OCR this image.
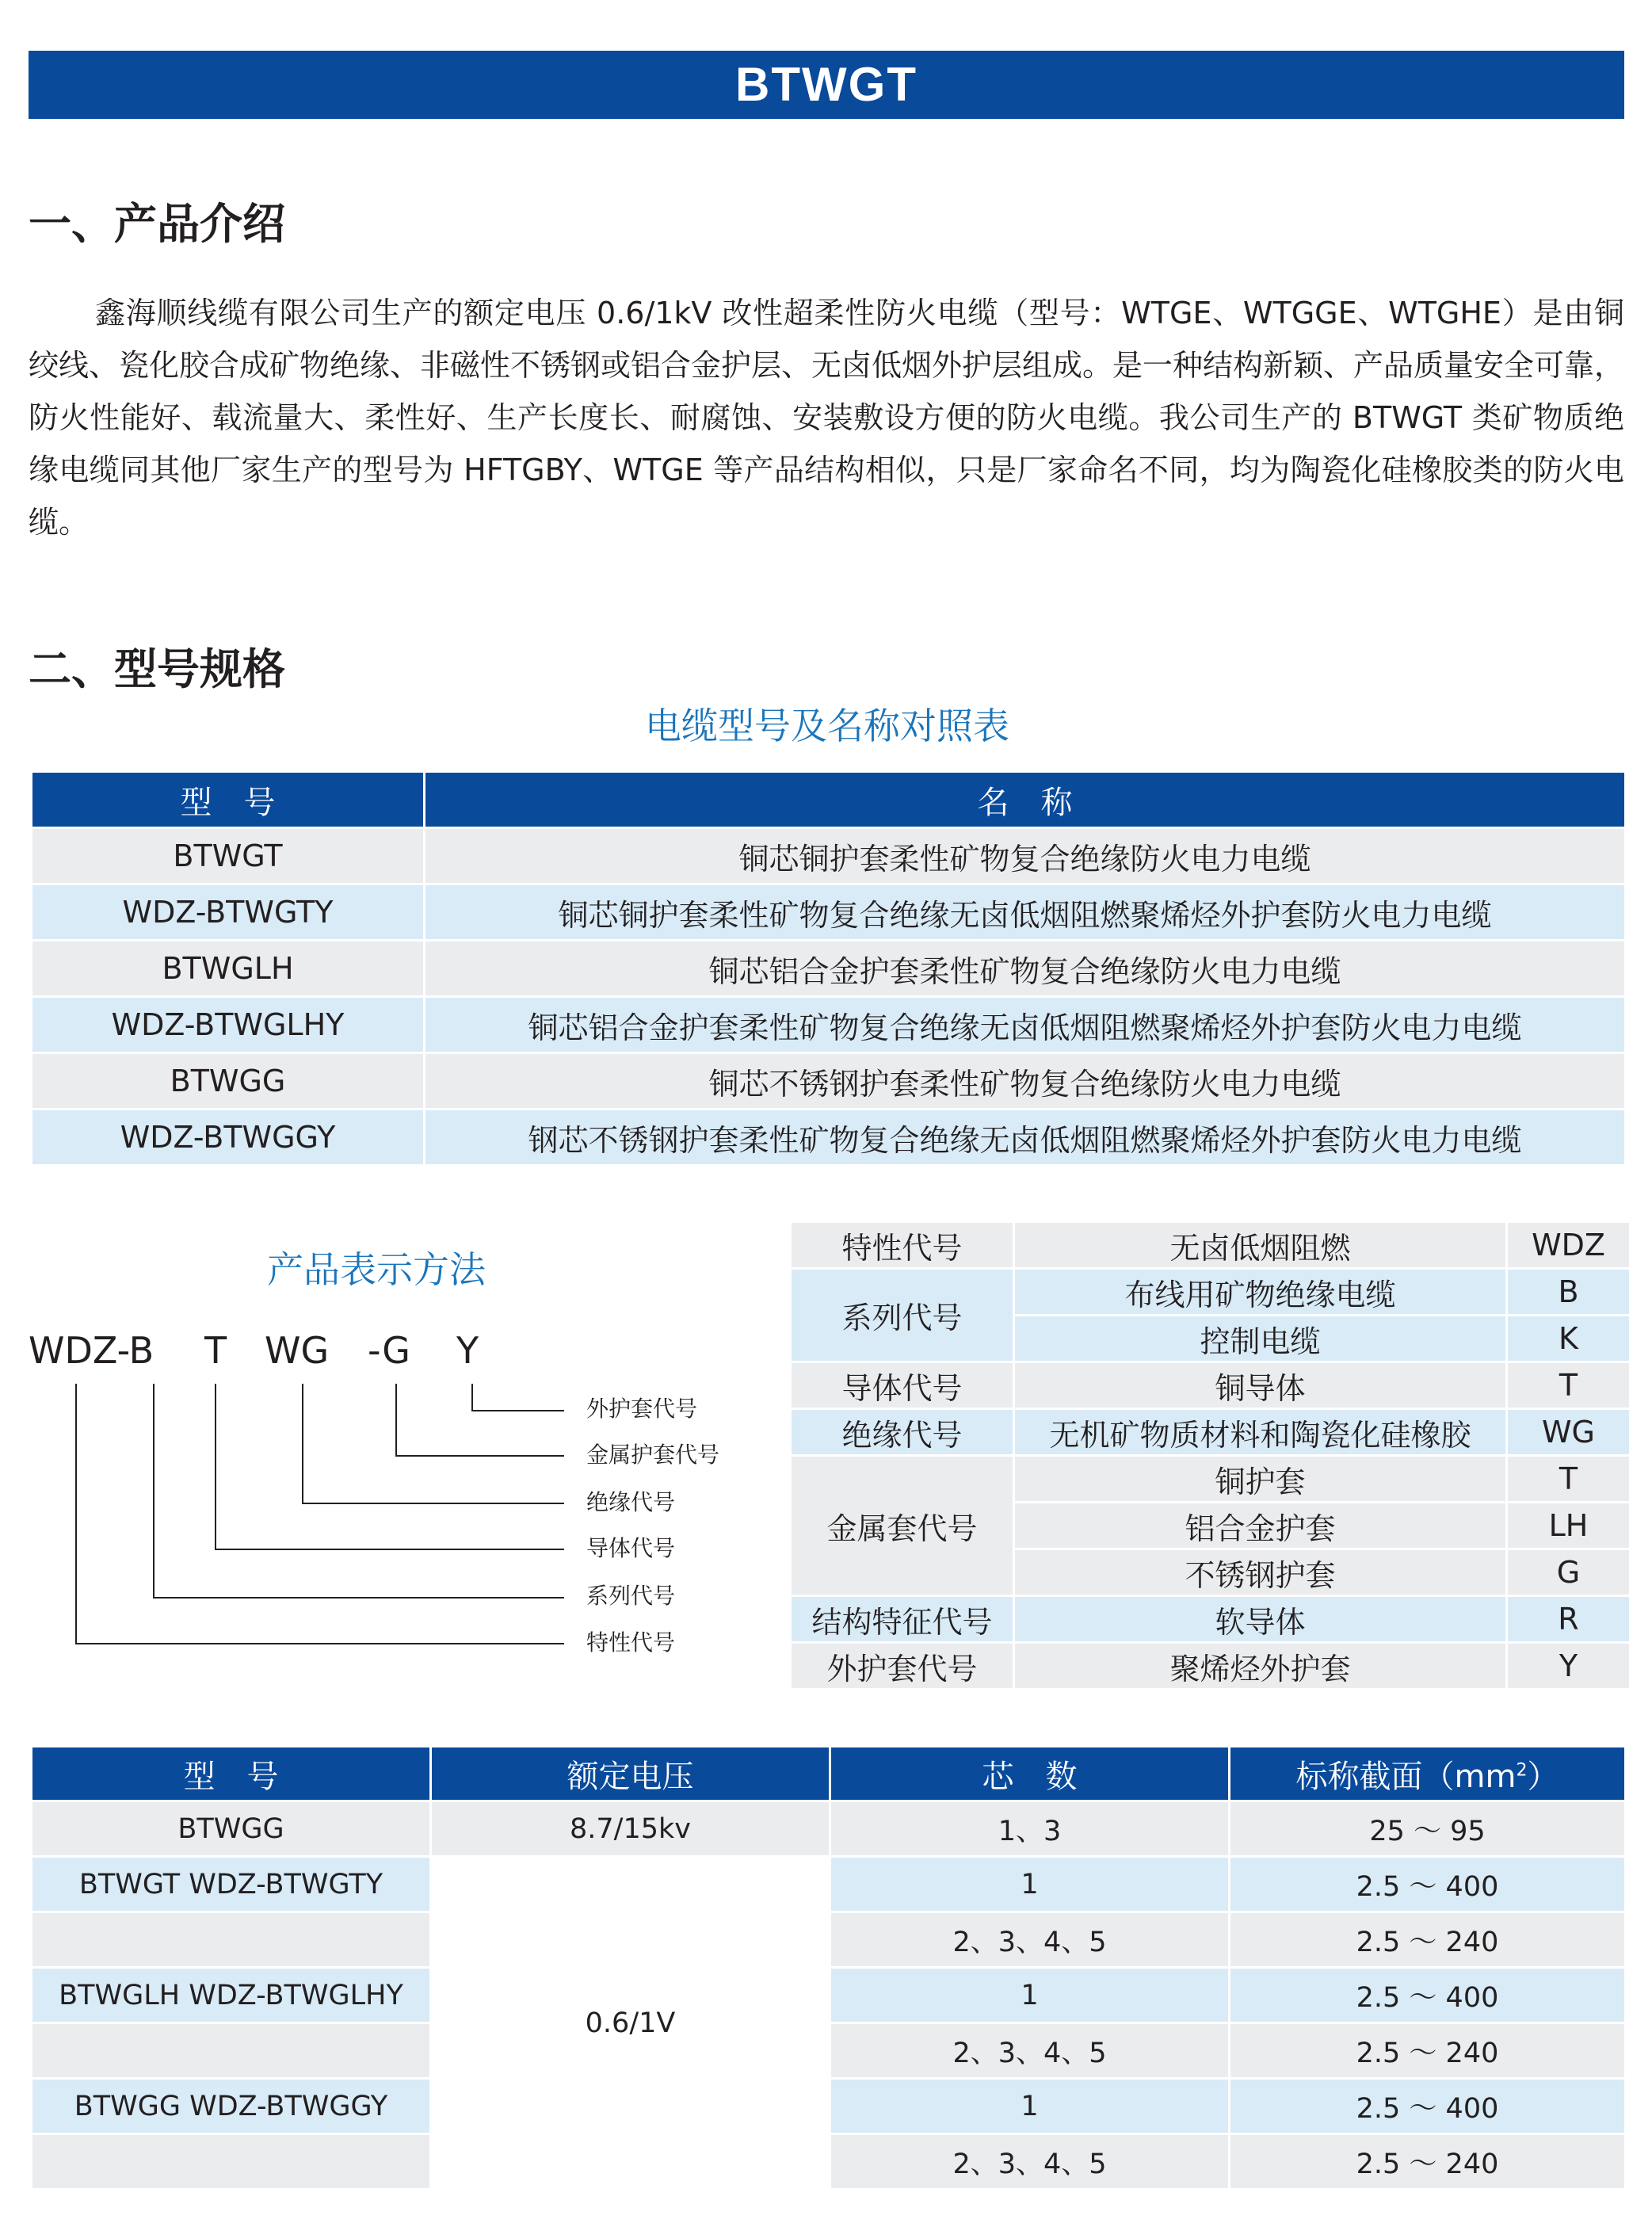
BTWGT
一、产品介绍

鑫海顺线缆有限公司生产的额定电压 0.6/1kV 改性超柔性防火电缆（型号：WTGE、WTGGE、WTGHE）是由铜绞线、瓷化胶合成矿物绝缘、非磁性不锈钢或铝合金护层、无卤低烟外护层组成。是一种结构新颖、产品质量安全可靠，防火性能好、载流量大、柔性好、生产长度长、耐腐蚀、安装敷设方便的防火电缆。我公司生产的 BTWGT 类矿物质绝缘电缆同其他厂家生产的型号为 HFTGBY、WTGE 等产品结构相似，只是厂家命名不同，均为陶瓷化硅橡胶类的防火电缆。

二、型号规格
电缆型号及名称对照表
型　号	名　称
BTWGT	铜芯铜护套柔性矿物复合绝缘防火电力电缆
WDZ-BTWGTY	铜芯铜护套柔性矿物复合绝缘无卤低烟阻燃聚烯烃外护套防火电力电缆
BTWGLH	铜芯铝合金护套柔性矿物复合绝缘防火电力电缆
WDZ-BTWGLHY	铜芯铝合金护套柔性矿物复合绝缘无卤低烟阻燃聚烯烃外护套防火电力电缆
BTWGG	铜芯不锈钢护套柔性矿物复合绝缘防火电力电缆
WDZ-BTWGGY	钢芯不锈钢护套柔性矿物复合绝缘无卤低烟阻燃聚烯烃外护套防火电力电缆
产品表示方法
WDZ-B T WG -G Y
外护套代号
金属护套代号
绝缘代号
导体代号
系列代号
特性代号
特性代号	无卤低烟阻燃	WDZ
系列代号	布线用矿物绝缘电缆	B
	控制电缆	K
导体代号	铜导体	T
绝缘代号	无机矿物质材料和陶瓷化硅橡胶	WG
金属套代号	铜护套	T
	铝合金护套	LH
	不锈钢护套	G
结构特征代号	软导体	R
外护套代号	聚烯烃外护套	Y
型　号	额定电压	芯　数	标称截面$(mm^2)$
BTWGG	8.7/15kv	1、3	25 ～ 95
BTWGT WDZ-BTWGTY	0.6/1V	1	2.5 ～ 400
		2、3、4、5	2.5 ～ 240
BTWGLH WDZ-BTWGLHY		1	2.5 ～ 400
		2、3、4、5	2.5 ～ 240
BTWGG WDZ-BTWGGY		1	2.5 ～ 400
		2、3、4、5	2.5 ～ 240
